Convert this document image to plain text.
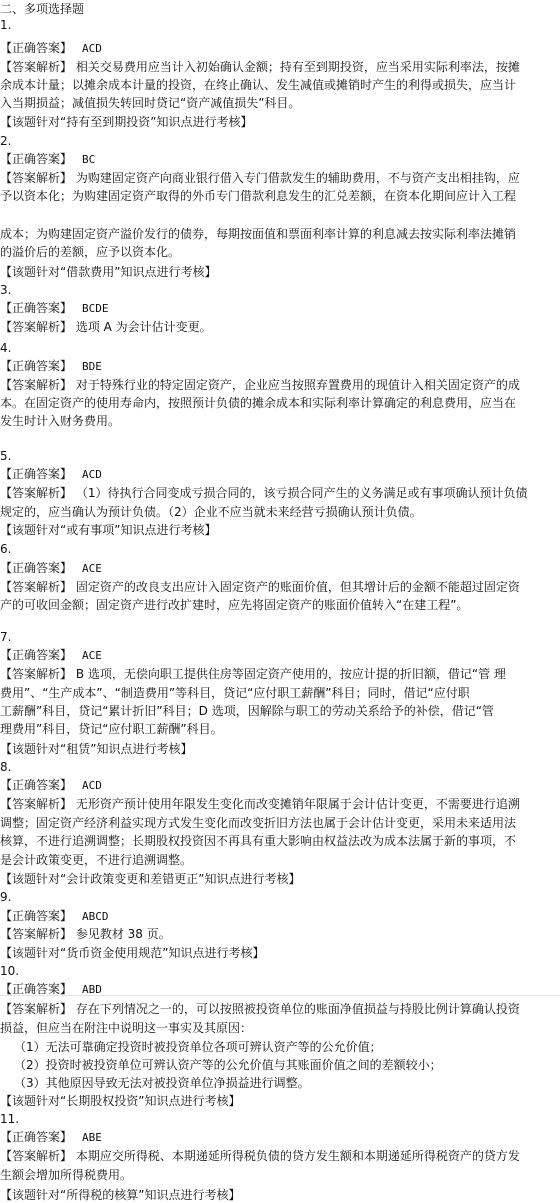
二、多项选择题
1.
【正确答案】 ACD
【答案解析】 相关交易费用应当计入初始确认金额；持有至到期投资，应当采用实际利率法，按摊
余成本计量；以摊余成本计量的投资，在终止确认、发生减值或摊销时产生的利得或损失，应当计
入当期损益；减值损失转回时贷记“资产减值损失”科目。
【该题针对“持有至到期投资”知识点进行考核】
2.
【正确答案】 BC
【答案解析】 为购建固定资产向商业银行借入专门借款发生的辅助费用，不与资产支出相挂钩，应
予以资本化；为购建固定资产取得的外币专门借款利息发生的汇兑差额，在资本化期间应计入工程
成本；为购建固定资产溢价发行的债券，每期按面值和票面利率计算的利息减去按实际利率法摊销
的溢价后的差额，应予以资本化。
【该题针对“借款费用”知识点进行考核】
3.
【正确答案】 BCDE
【答案解析】 选项 A 为会计估计变更。
4.
【正确答案】 BDE
【答案解析】 对于特殊行业的特定固定资产，企业应当按照弃置费用的现值计入相关固定资产的成
本。在固定资产的使用寿命内，按照预计负债的摊余成本和实际利率计算确定的利息费用，应当在
发生时计入财务费用。
5.
【正确答案】 ACD
【答案解析】 （1）待执行合同变成亏损合同的，该亏损合同产生的义务满足或有事项确认预计负债
规定的，应当确认为预计负债。（2）企业不应当就未来经营亏损确认预计负债。
【该题针对“或有事项”知识点进行考核】
6.
【正确答案】 ACE
【答案解析】 固定资产的改良支出应计入固定资产的账面价值，但其增计后的金额不能超过固定资
产的可收回金额；固定资产进行改扩建时，应先将固定资产的账面价值转入“在建工程”。
7.
【正确答案】 ACE
【答案解析】 B 选项，无偿向职工提供住房等固定资产使用的，按应计提的折旧额，借记“管 理
费用”、“生产成本”、“制造费用”等科目，贷记“应付职工薪酬”科目；同时，借记“应付职
工薪酬”科目，贷记“累计折旧”科目；D 选项，因解除与职工的劳动关系给予的补偿，借记“管
理费用”科目，贷记“应付职工薪酬”科目。
【该题针对“租赁”知识点进行考核】
8.
【正确答案】 ACD
【答案解析】 无形资产预计使用年限发生变化而改变摊销年限属于会计估计变更，不需要进行追溯
调整；固定资产经济利益实现方式发生变化而改变折旧方法也属于会计估计变更，采用未来适用法
核算，不进行追溯调整；长期股权投资因不再具有重大影响由权益法改为成本法属于新的事项，不
是会计政策变更，不进行追溯调整。
【该题针对“会计政策变更和差错更正”知识点进行考核】
9.
【正确答案】 ABCD
【答案解析】 参见教材 38 页。
【该题针对“货币资金使用规范”知识点进行考核】
10.
【正确答案】 ABD
【答案解析】 存在下列情况之一的，可以按照被投资单位的账面净值损益与持股比例计算确认投资
损益，但应当在附注中说明这一事实及其原因：
（1）无法可靠确定投资时被投资单位各项可辨认资产等的公允价值；
（2）投资时被投资单位可辨认资产等的公允价值与其账面价值之间的差额较小；
（3）其他原因导致无法对被投资单位净损益进行调整。
【该题针对“长期股权投资”知识点进行考核】
11.
【正确答案】 ABE
【答案解析】 本期应交所得税、本期递延所得税负债的贷方发生额和本期递延所得税资产的贷方发
生额会增加所得税费用。
【该题针对“所得税的核算”知识点进行考核】
